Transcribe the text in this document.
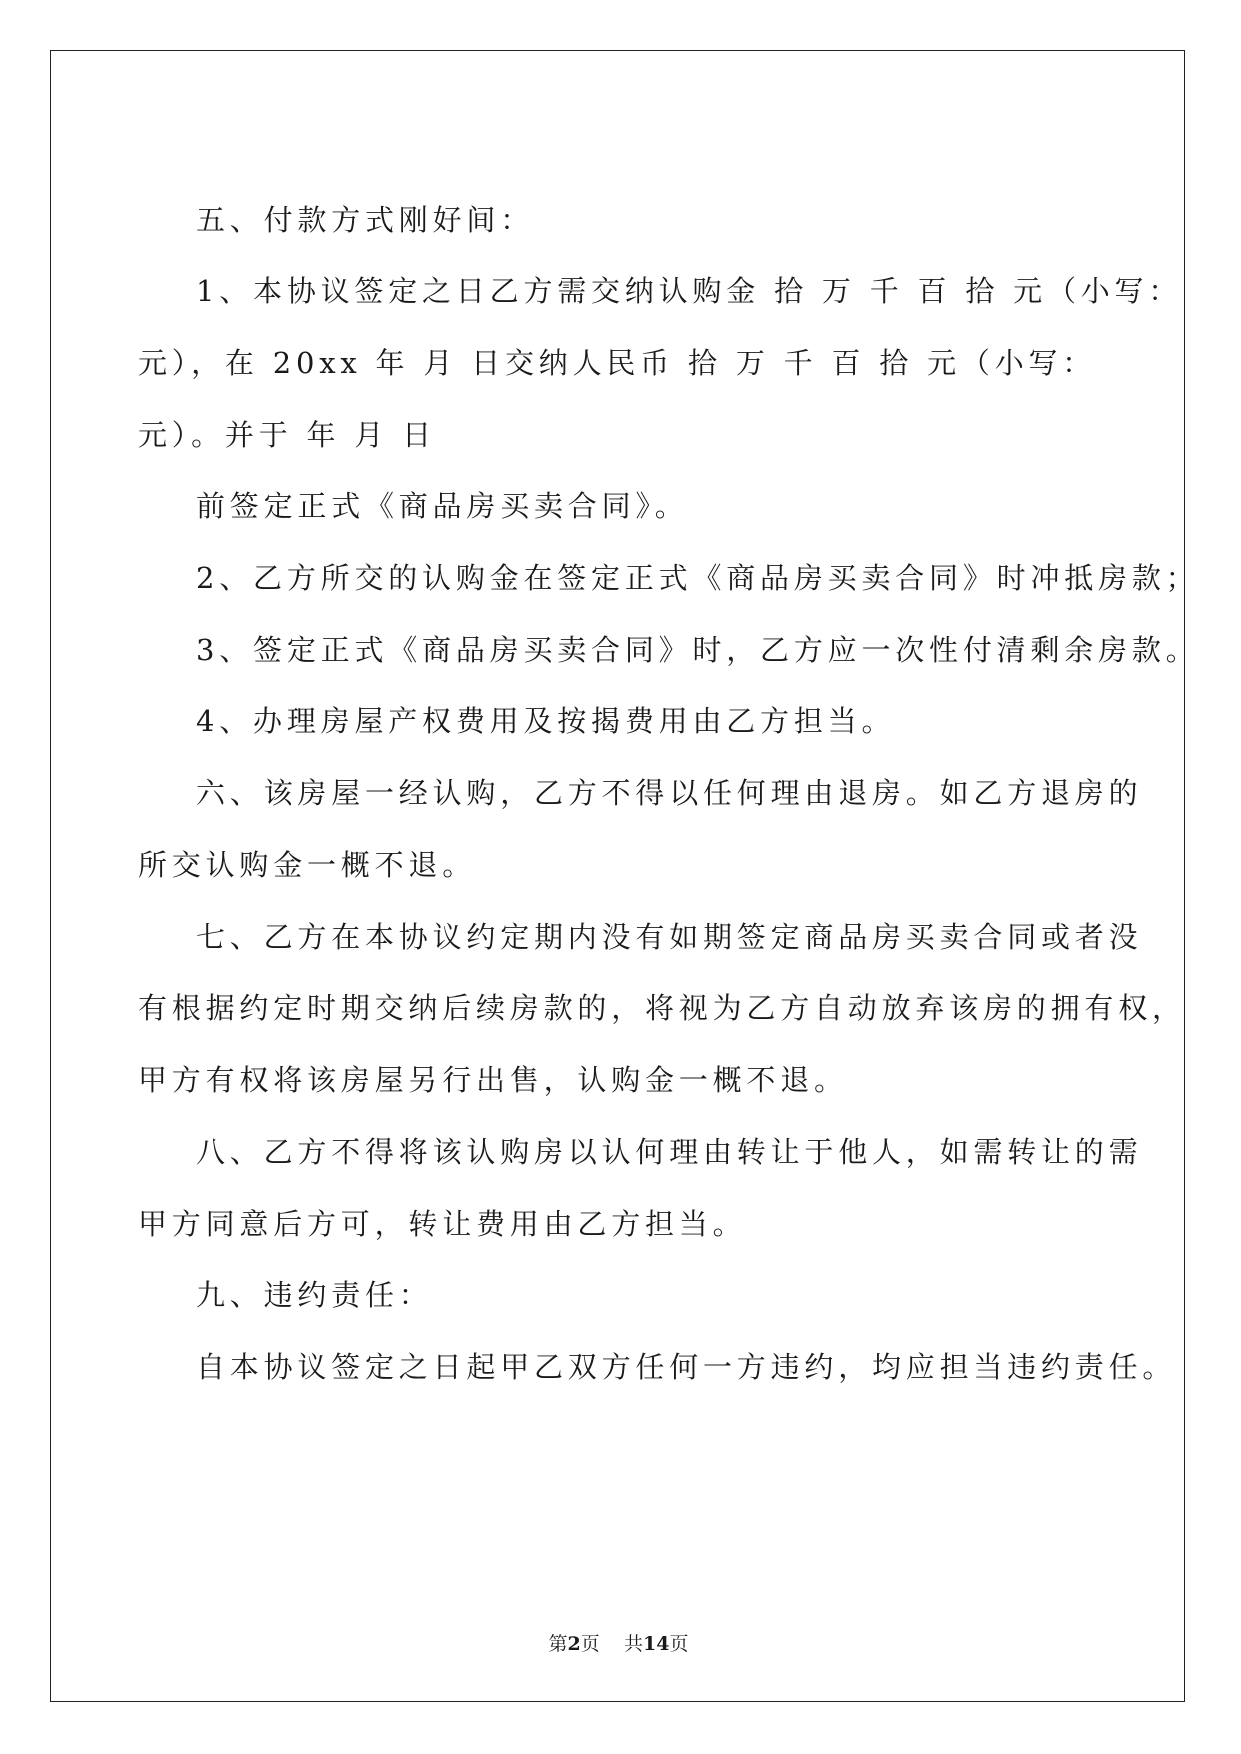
五、付款方式刚好间：
1、本协议签定之日乙方需交纳认购金 拾 万 千 百 拾 元（小写：
元），在 20xx 年 月 日交纳人民币 拾 万 千 百 拾 元（小写：
元）。并于 年 月 日
前签定正式《商品房买卖合同》。
2、乙方所交的认购金在签定正式《商品房买卖合同》时冲抵房款；
3、签定正式《商品房买卖合同》时，乙方应一次性付清剩余房款。
4、办理房屋产权费用及按揭费用由乙方担当。
六、该房屋一经认购，乙方不得以任何理由退房。如乙方退房的
所交认购金一概不退。
七、乙方在本协议约定期内没有如期签定商品房买卖合同或者没
有根据约定时期交纳后续房款的，将视为乙方自动放弃该房的拥有权，
甲方有权将该房屋另行出售，认购金一概不退。
八、乙方不得将该认购房以认何理由转让于他人，如需转让的需
甲方同意后方可，转让费用由乙方担当。
九、违约责任：
自本协议签定之日起甲乙双方任何一方违约，均应担当违约责任。
第2页 共14页
